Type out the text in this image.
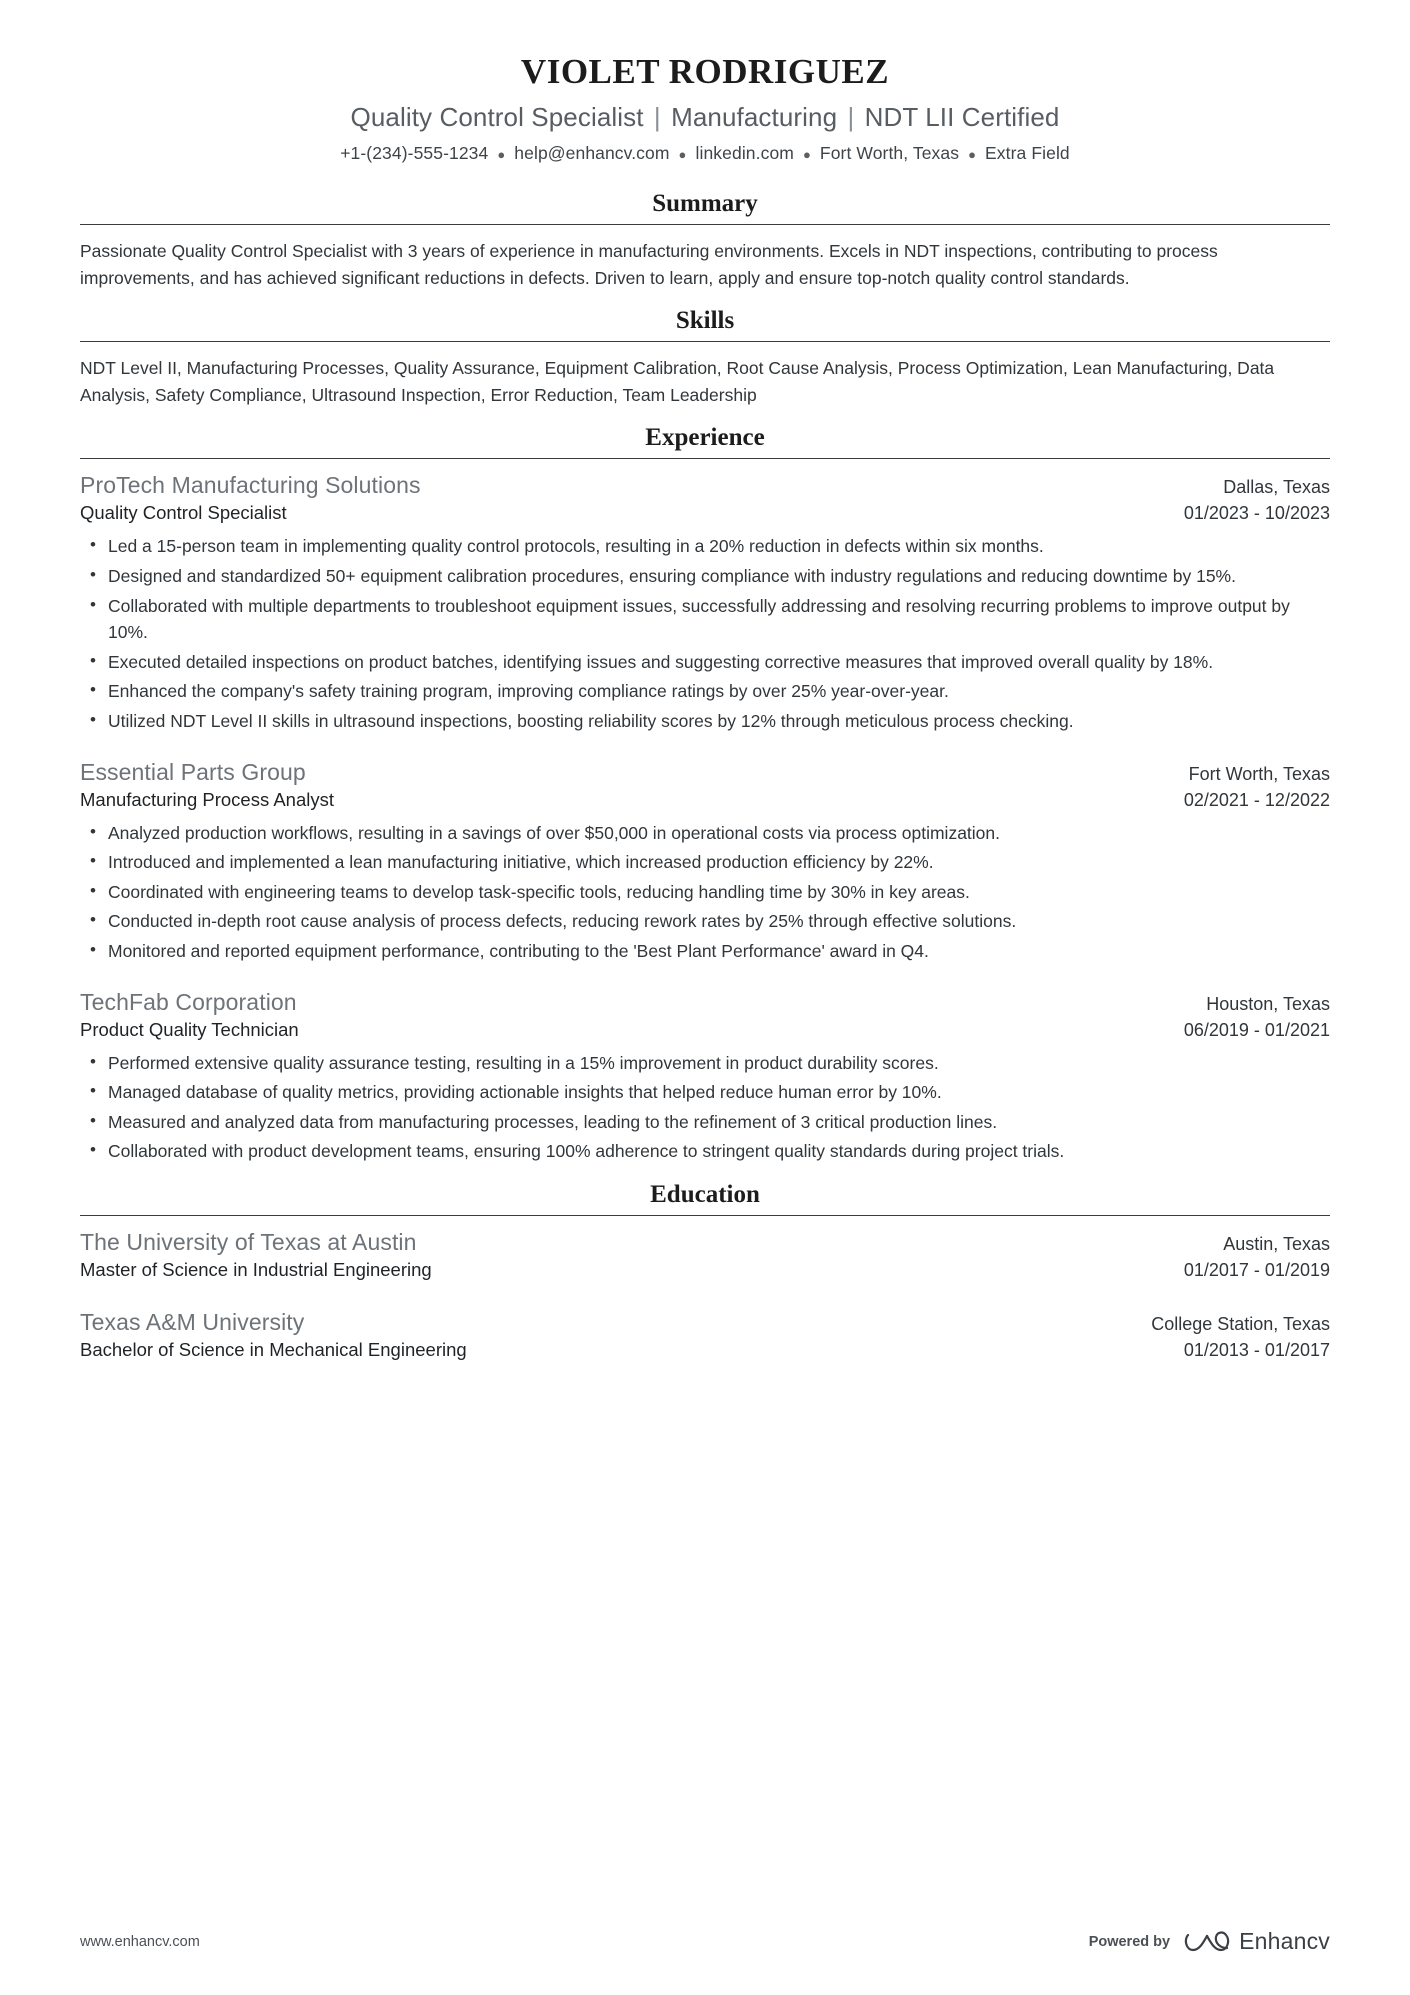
VIOLET RODRIGUEZ
Quality Control Specialist | Manufacturing | NDT LII Certified
+1-(234)-555-1234 ● help@enhancv.com ● linkedin.com ● Fort Worth, Texas ● Extra Field
Summary
Passionate Quality Control Specialist with 3 years of experience in manufacturing environments. Excels in NDT inspections, contributing to process improvements, and has achieved significant reductions in defects. Driven to learn, apply and ensure top-notch quality control standards.
Skills
NDT Level II, Manufacturing Processes, Quality Assurance, Equipment Calibration, Root Cause Analysis, Process Optimization, Lean Manufacturing, Data Analysis, Safety Compliance, Ultrasound Inspection, Error Reduction, Team Leadership
Experience
ProTech Manufacturing Solutions	Dallas, Texas
Quality Control Specialist	01/2023 - 10/2023
• Led a 15-person team in implementing quality control protocols, resulting in a 20% reduction in defects within six months.
• Designed and standardized 50+ equipment calibration procedures, ensuring compliance with industry regulations and reducing downtime by 15%.
• Collaborated with multiple departments to troubleshoot equipment issues, successfully addressing and resolving recurring problems to improve output by 10%.
• Executed detailed inspections on product batches, identifying issues and suggesting corrective measures that improved overall quality by 18%.
• Enhanced the company's safety training program, improving compliance ratings by over 25% year-over-year.
• Utilized NDT Level II skills in ultrasound inspections, boosting reliability scores by 12% through meticulous process checking.
Essential Parts Group	Fort Worth, Texas
Manufacturing Process Analyst	02/2021 - 12/2022
• Analyzed production workflows, resulting in a savings of over $50,000 in operational costs via process optimization.
• Introduced and implemented a lean manufacturing initiative, which increased production efficiency by 22%.
• Coordinated with engineering teams to develop task-specific tools, reducing handling time by 30% in key areas.
• Conducted in-depth root cause analysis of process defects, reducing rework rates by 25% through effective solutions.
• Monitored and reported equipment performance, contributing to the 'Best Plant Performance' award in Q4.
TechFab Corporation	Houston, Texas
Product Quality Technician	06/2019 - 01/2021
• Performed extensive quality assurance testing, resulting in a 15% improvement in product durability scores.
• Managed database of quality metrics, providing actionable insights that helped reduce human error by 10%.
• Measured and analyzed data from manufacturing processes, leading to the refinement of 3 critical production lines.
• Collaborated with product development teams, ensuring 100% adherence to stringent quality standards during project trials.
Education
The University of Texas at Austin	Austin, Texas
Master of Science in Industrial Engineering	01/2017 - 01/2019
Texas A&M University	College Station, Texas
Bachelor of Science in Mechanical Engineering	01/2013 - 01/2017
www.enhancv.com	Powered by	Enhancv
